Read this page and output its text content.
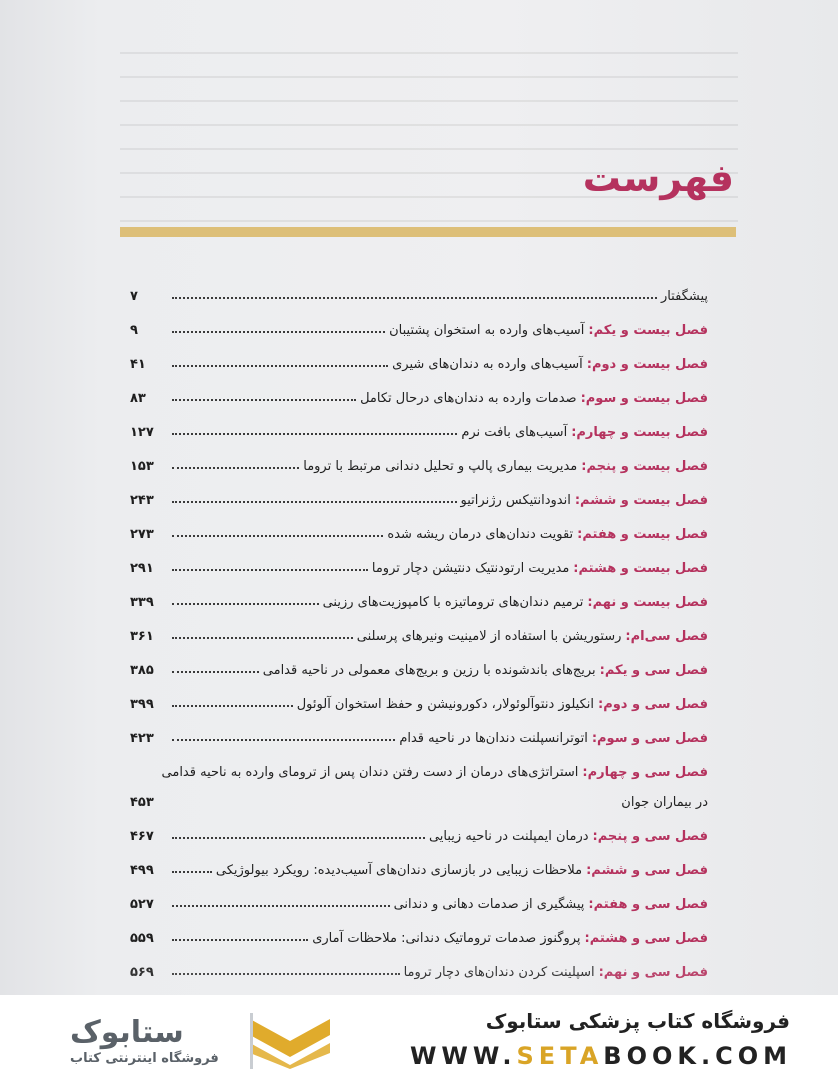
فهرست
پیشگفتار
۷
فصل بیست و یکم:
آسیب‌های وارده به استخوان پشتیبان
۹
فصل بیست و دوم:
آسیب‌های وارده به دندان‌های شیری
۴۱
فصل بیست و سوم:
صدمات وارده به دندان‌های درحال تکامل
۸۳
فصل بیست و چهارم:
آسیب‌های بافت نرم
۱۲۷
فصل بیست و پنجم:
مدیریت بیماری پالپ و تحلیل دندانی مرتبط با تروما
۱۵۳
فصل بیست و ششم:
اندودانتیکس رژنراتیو
۲۴۳
فصل بیست و هفتم:
تقویت دندان‌های درمان ریشه شده
۲۷۳
فصل بیست و هشتم:
مدیریت ارتودنتیک دنتیشن دچار تروما
۲۹۱
فصل بیست و نهم:
ترمیم دندان‌های تروماتیزه با کامپوزیت‌های رزینی
۳۳۹
فصل سی‌ام:
رستوریشن با استفاده از لامینیت ونیرهای پرسلنی
۳۶۱
فصل سی و یکم:
بریج‌های باندشونده با رزین و بریج‌های معمولی در ناحیه قدامی
۳۸۵
فصل سی و دوم:
انکیلوز دنتوآلوئولار، دکورونیشن و حفظ استخوان آلوئول
۳۹۹
فصل سی و سوم:
اتوترانسپلنت دندان‌ها در ناحیه قدام
۴۲۳
فصل سی و چهارم:
استراتژی‌های درمان از دست رفتن دندان پس از ترومای وارده به ناحیه قدامی
در بیماران جوان
۴۵۳
فصل سی و پنجم:
درمان ایمپلنت در ناحیه زیبایی
۴۶۷
فصل سی و ششم:
ملاحظات زیبایی در بازسازی دندان‌های آسیب‌دیده: رویکرد بیولوژیکی
۴۹۹
فصل سی و هفتم:
پیشگیری از صدمات دهانی و دندانی
۵۲۷
فصل سی و هشتم:
پروگنوز صدمات تروماتیک دندانی: ملاحظات آماری
۵۵۹
فصل سی و نهم:
اسپلینت کردن دندان‌های دچار تروما
۵۶۹
فروشگاه کتاب پزشکی ستابوک
WWW.SETABOOK.COM
ستابوک
فروشگاه اینترنتی کتاب
